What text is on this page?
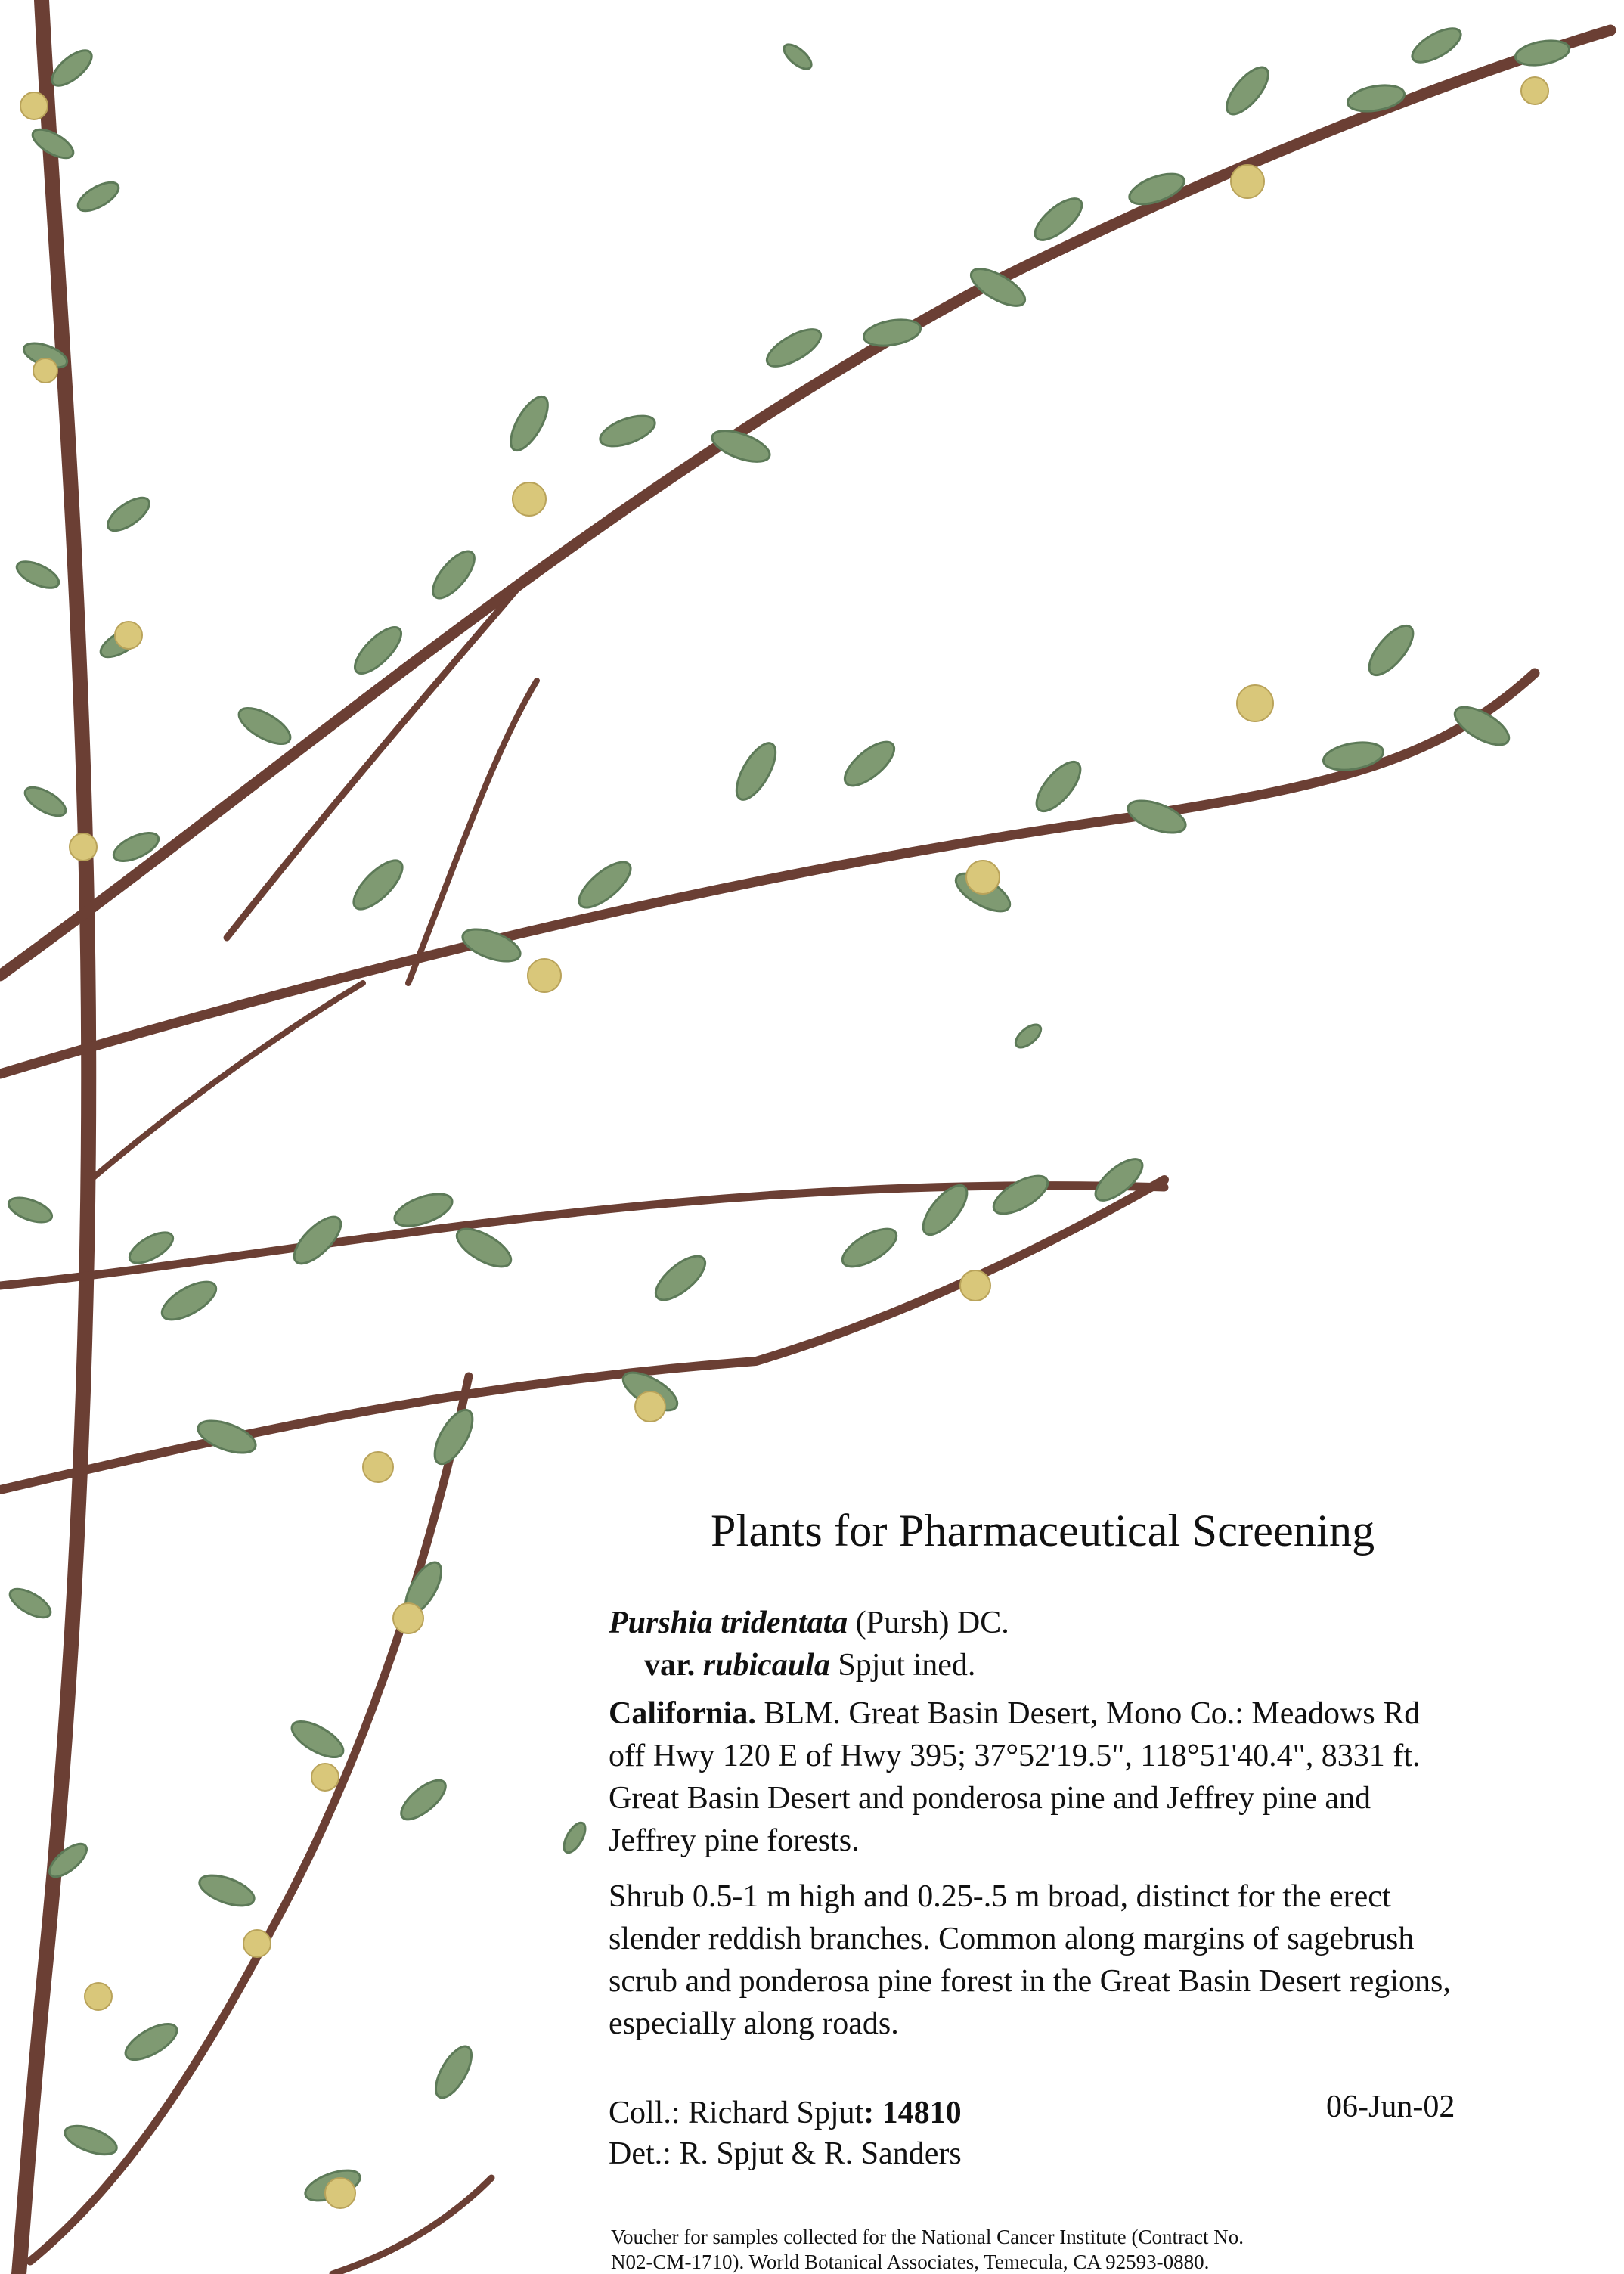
Plants for Pharmaceutical Screening
Purshia tridentata (Pursh) DC.
var. rubicaula Spjut ined.
California. BLM. Great Basin Desert, Mono Co.: Meadows Rd
off Hwy 120 E of Hwy 395; 37°52'19.5", 118°51'40.4", 8331 ft.
Great Basin Desert and ponderosa pine and Jeffrey pine and
Jeffrey pine forests.
Shrub 0.5-1 m high and 0.25-.5 m broad, distinct for the erect
slender reddish branches. Common along margins of sagebrush
scrub and ponderosa pine forest in the Great Basin Desert regions,
especially along roads.
Coll.: Richard Spjut: 14810	06-Jun-02
Det.: R. Spjut & R. Sanders
Voucher for samples collected for the National Cancer Institute (Contract No.
N02-CM-1710). World Botanical Associates, Temecula, CA 92593-0880.
